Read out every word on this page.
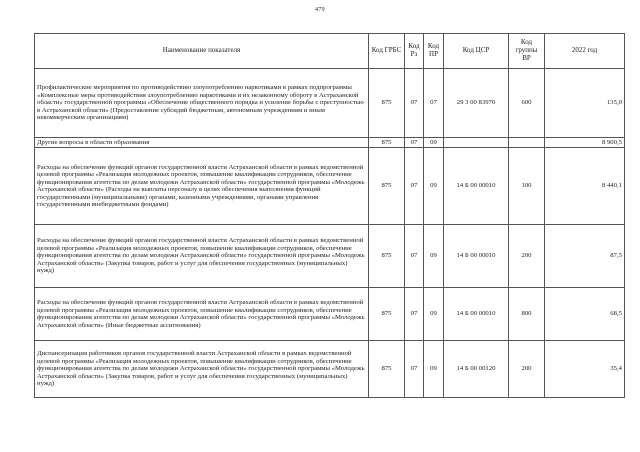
479
Наименование показателя	Код ГРБС	Код Рз	Код ПР	Код ЦСР	Код группы ВР	2022 год
Профилактические мероприятия по противодействию злоупотреблению наркотиками в рамках подпрограммы «Комплексные меры противодействия злоупотреблению наркотиками и их незаконному обороту в Астраханской области» государственной программы «Обеспечение общественного порядка и усиление борьбы с преступностью в Астраханской области» (Предоставление субсидий бюджетным, автономным учреждениям и иным некоммерческим организациям)	875	07	07	29 3 00 83970	600	135,0
Другие вопросы в области образования	875	07	09			8 900,5
Расходы на обеспечение функций органов государственной власти Астраханской области в рамках ведомственной целевой программы «Реализация молодежных проектов, повышение квалификации сотрудников, обеспечение функционирования агентства по делам молодежи Астраханской области» государственной программы «Молодежь Астраханской области» (Расходы на выплаты персоналу в целях обеспечения выполнения функций государственными (муниципальными) органами, казенными учреждениями, органами управления государственными внебюджетными фондами)	875	07	09	14 Б 00 00010	100	8 440,1
Расходы на обеспечение функций органов государственной власти Астраханской области в рамках ведомственной целевой программы «Реализация молодежных проектов, повышение квалификации сотрудников, обеспечение функционирования агентства по делам молодежи Астраханской области» государственной программы «Молодежь Астраханской области» (Закупка товаров, работ и услуг для обеспечения государственных (муниципальных) нужд)	875	07	09	14 Б 00 00010	200	87,5
Расходы на обеспечение функций органов государственной власти Астраханской области в рамках ведомственной целевой программы «Реализация молодежных проектов, повышение квалификации сотрудников, обеспечение функционирования агентства по делам молодежи Астраханской области» государственной программы «Молодежь Астраханской области» (Иные бюджетные ассигнования)	875	07	09	14 Б 00 00010	800	68,5
Диспансеризация работников органов государственной власти Астраханской области в рамках ведомственной целевой программы «Реализация молодежных проектов, повышение квалификации сотрудников, обеспечение функционирования агентства по делам молодежи Астраханской области» государственной программы «Молодежь Астраханской области» (Закупка товаров, работ и услуг для обеспечения государственных (муниципальных) нужд)	875	07	09	14 Б 00 00120	200	35,4
